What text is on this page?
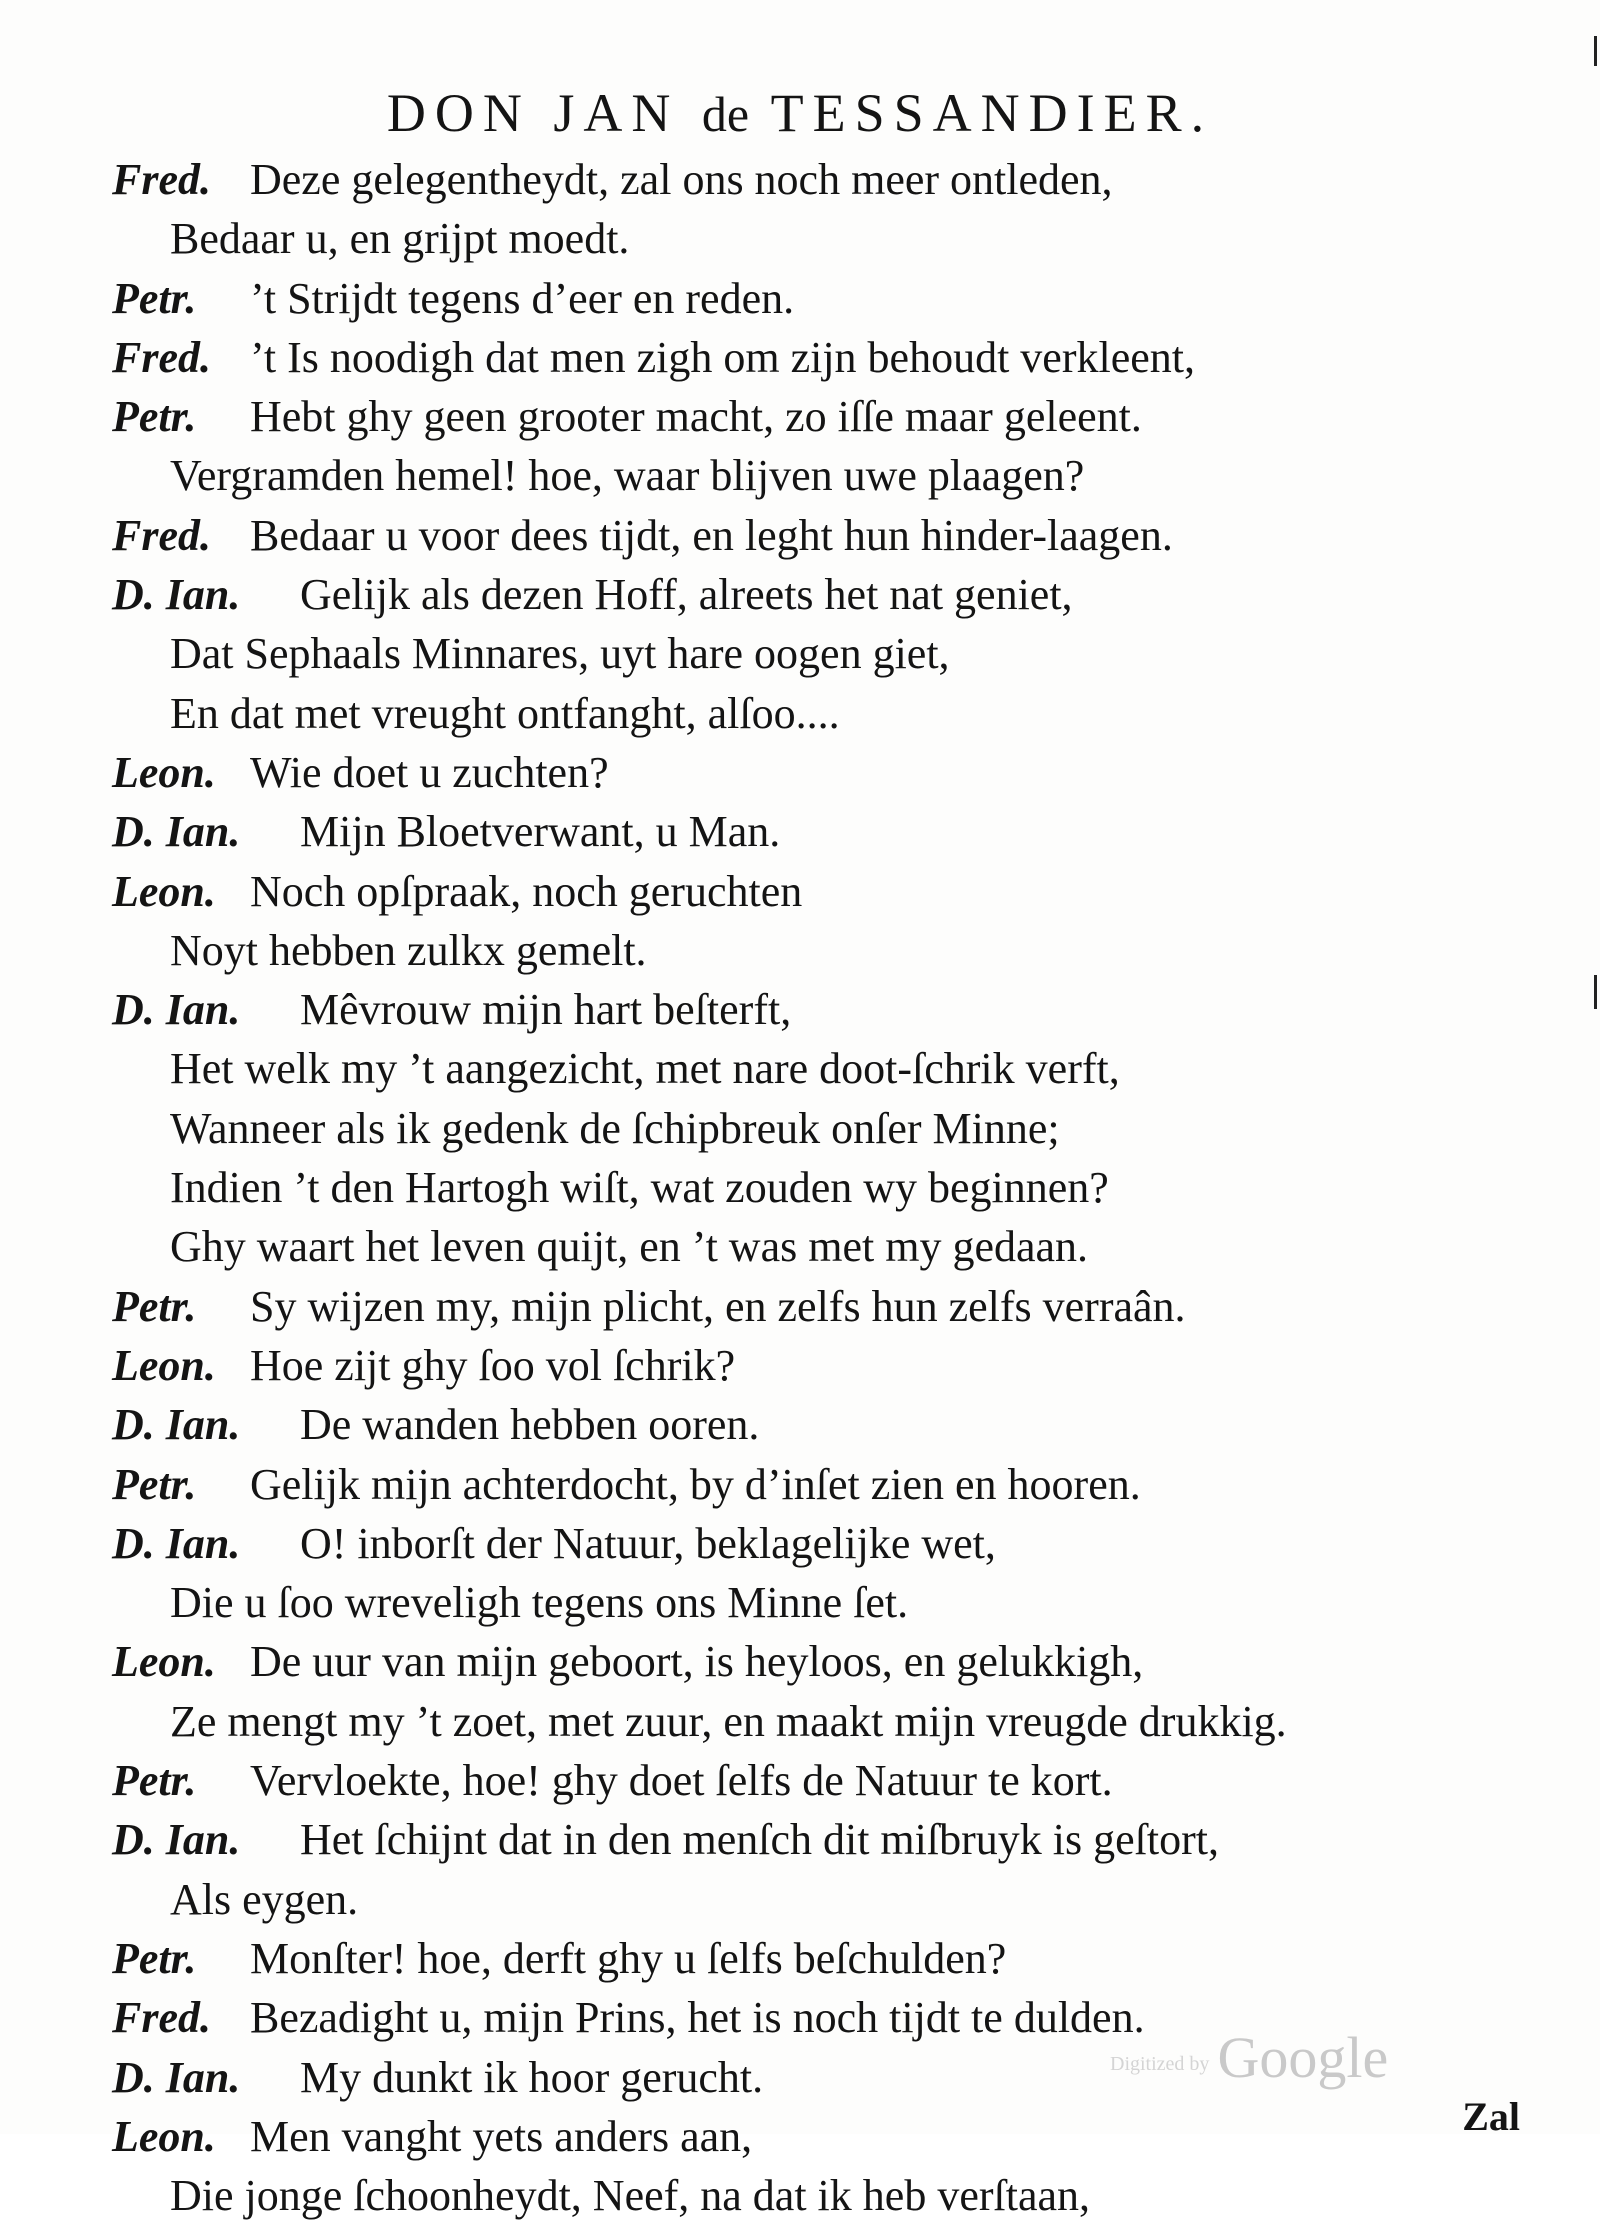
DON JAN de TESSANDIER.
Fred. Deze gelegentheydt, zal ons noch meer ontleden,
Bedaar u, en grijpt moedt.
Petr. ’t Strijdt tegens d’eer en reden.
Fred. ’t Is noodigh dat men zigh om zijn behoudt verkleent,
Petr. Hebt ghy geen grooter macht, zo iſſe maar geleent.
Vergramden hemel! hoe, waar blijven uwe plaagen?
Fred. Bedaar u voor dees tijdt, en leght hun hinder-laagen.
D. Ian. Gelijk als dezen Hoff, alreets het nat geniet,
Dat Sephaals Minnares, uyt hare oogen giet,
En dat met vreught ontfanght, alſoo....
Leon. Wie doet u zuchten?
D. Ian. Mijn Bloetverwant, u Man.
Leon. Noch opſpraak, noch geruchten
Noyt hebben zulkx gemelt.
D. Ian. Mêvrouw mijn hart beſterft,
Het welk my ’t aangezicht, met nare doot-ſchrik verft,
Wanneer als ik gedenk de ſchipbreuk onſer Minne;
Indien ’t den Hartogh wiſt, wat zouden wy beginnen?
Ghy waart het leven quijt, en ’t was met my gedaan.
Petr. Sy wijzen my, mijn plicht, en zelfs hun zelfs verraân.
Leon. Hoe zijt ghy ſoo vol ſchrik?
D. Ian. De wanden hebben ooren.
Petr. Gelijk mijn achterdocht, by d’inſet zien en hooren.
D. Ian. O! inborſt der Natuur, beklagelijke wet,
Die u ſoo wreveligh tegens ons Minne ſet.
Leon. De uur van mijn geboort, is heyloos, en gelukkigh,
Ze mengt my ’t zoet, met zuur, en maakt mijn vreugde drukkig.
Petr. Vervloekte, hoe! ghy doet ſelfs de Natuur te kort.
D. Ian. Het ſchijnt dat in den menſch dit miſbruyk is geſtort,
Als eygen.
Petr. Monſter! hoe, derft ghy u ſelfs beſchulden?
Fred. Bezadight u, mijn Prins, het is noch tijdt te dulden.
D. Ian. My dunkt ik hoor gerucht.
Leon. Men vanght yets anders aan,
Die jonge ſchoonheydt, Neef, na dat ik heb verſtaan,
Digitized by Google
Zal
